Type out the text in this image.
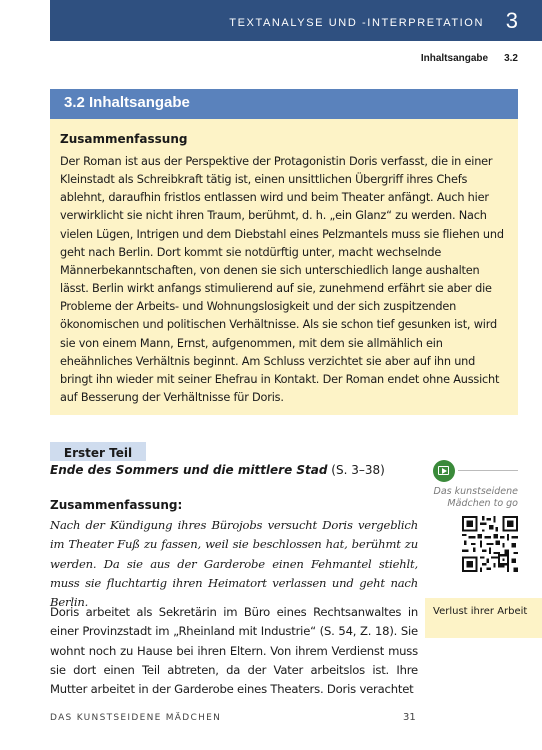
TEXTANALYSE UND -INTERPRETATION 3
Inhaltsangabe 3.2
3.2 Inhaltsangabe
Zusammenfassung

Der Roman ist aus der Perspektive der Protagonistin Doris verfasst, die in einer Kleinstadt als Schreibkraft tätig ist, einen unsittlichen Übergriff ihres Chefs ablehnt, daraufhin fristlos entlassen wird und beim Theater anfängt. Auch hier verwirklicht sie nicht ihren Traum, berühmt, d. h. „ein Glanz“ zu werden. Nach vielen Lügen, Intrigen und dem Diebstahl eines Pelzmantels muss sie fliehen und geht nach Berlin. Dort kommt sie notdürftig unter, macht wechselnde Männerbekanntschaften, von denen sie sich unterschiedlich lange aushalten lässt. Berlin wirkt anfangs stimulierend auf sie, zunehmend erfährt sie aber die Probleme der Arbeits- und Wohnungslosigkeit und der sich zuspitzenden ökonomischen und politischen Verhältnisse. Als sie schon tief gesunken ist, wird sie von einem Mann, Ernst, aufgenommen, mit dem sie allmählich ein eheähnliches Verhältnis beginnt. Am Schluss verzichtet sie aber auf ihn und bringt ihn wieder mit seiner Ehefrau in Kontakt. Der Roman endet ohne Aussicht auf Besserung der Verhältnisse für Doris.

Erster Teil
Ende des Sommers und die mittlere Stad (S. 3–38)
Zusammenfassung:
Nach der Kündigung ihres Bürojobs versucht Doris vergeblich im Theater Fuß zu fassen, weil sie beschlossen hat, berühmt zu werden. Da sie aus der Garderobe einen Fehmantel stiehlt, muss sie fluchtartig ihren Heimatort verlassen und geht nach Berlin.
Doris arbeitet als Sekretärin im Büro eines Rechtsanwaltes in einer Provinzstadt im „Rheinland mit Industrie“ (S. 54, Z. 18). Sie wohnt noch zu Hause bei ihren Eltern. Von ihrem Verdienst muss sie dort einen Teil abtreten, da der Vater arbeitslos ist. Ihre Mutter arbeitet in der Garderobe eines Theaters. Doris verachtet
Das kunstseidene
Mädchen to go
Verlust ihrer Arbeit
DAS KUNSTSEIDENE MÄDCHEN	31
